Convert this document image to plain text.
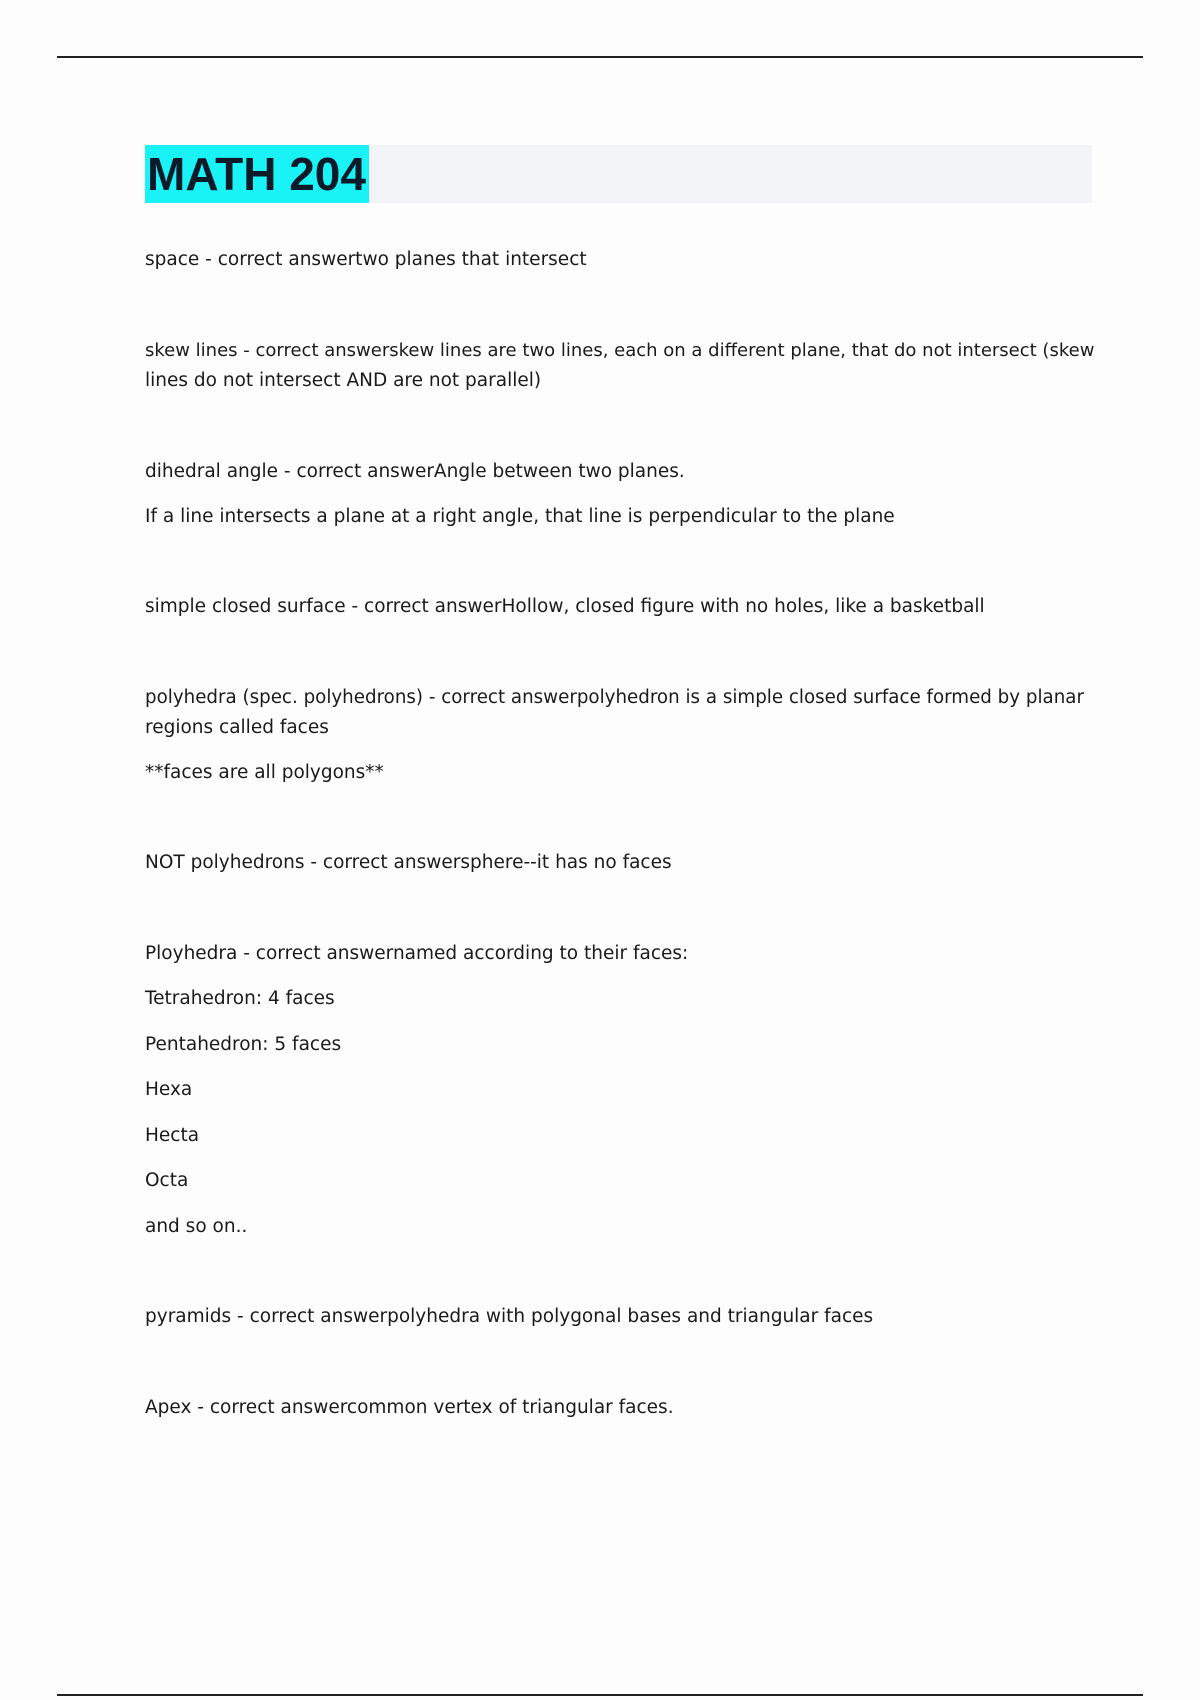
MATH 204
space - correct answertwo planes that intersect
skew lines - correct answerskew lines are two lines, each on a different plane, that do not intersect (skew
lines do not intersect AND are not parallel)
dihedral angle - correct answerAngle between two planes.
If a line intersects a plane at a right angle, that line is perpendicular to the plane
simple closed surface - correct answerHollow, closed figure with no holes, like a basketball
polyhedra (spec. polyhedrons) - correct answerpolyhedron is a simple closed surface formed by planar
regions called faces
**faces are all polygons**
NOT polyhedrons - correct answersphere--it has no faces
Ployhedra - correct answernamed according to their faces:
Tetrahedron: 4 faces
Pentahedron: 5 faces
Hexa
Hecta
Octa
and so on..
pyramids - correct answerpolyhedra with polygonal bases and triangular faces
Apex - correct answercommon vertex of triangular faces.
